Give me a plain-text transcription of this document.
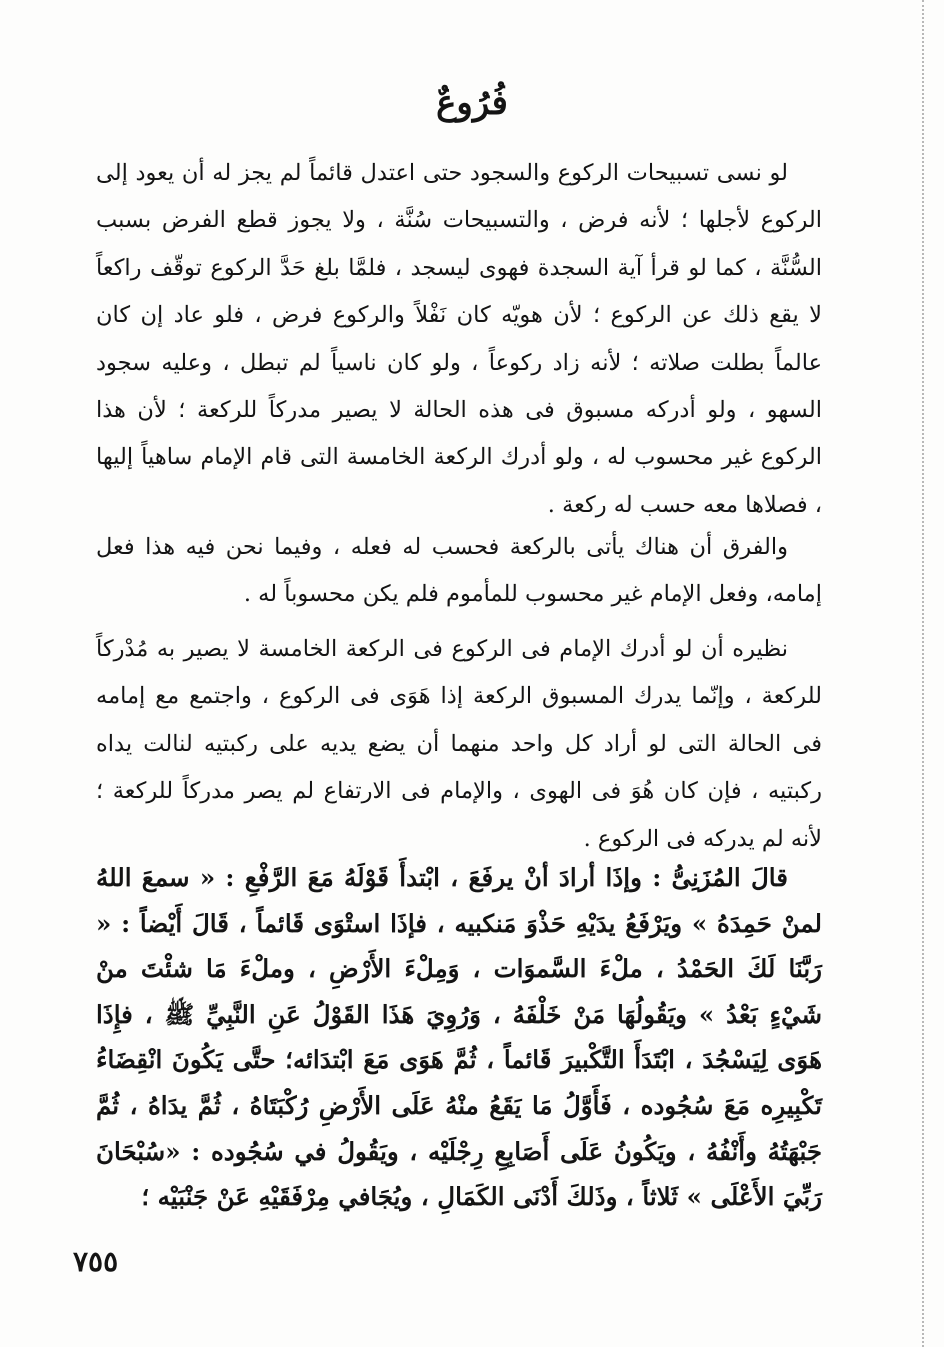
فُرُوعٌ

لو نسى تسبيحات الركوع والسجود حتى اعتدل قائماً لم يجز له أن يعود إلى الركوع لأجلها ؛ لأنه فرض ، والتسبيحات سُنَّة ، ولا يجوز قطع الفرض بسبب السُّنَّة ، كما لو قرأ آية السجدة فهوى ليسجد ، فلمَّا بلغ حَدَّ الركوع توقّف راكعاً لا يقع ذلك عن الركوع ؛ لأن هويّه كان نَفْلاً والركوع فرض ، فلو عاد إن كان عالماً بطلت صلاته ؛ لأنه زاد ركوعاً ، ولو كان ناسياً لم تبطل ، وعليه سجود السهو ، ولو أدركه مسبوق فى هذه الحالة لا يصير مدركاً للركعة ؛ لأن هذا الركوع غير محسوب له ، ولو أدرك الركعة الخامسة التى قام الإمام ساهياً إليها ، فصلاها معه حسب له ركعة .

والفرق أن هناك يأتى بالركعة فحسب له فعله ، وفيما نحن فيه هذا فعل إمامه، وفعل الإمام غير محسوب للمأموم فلم يكن محسوباً له .

نظيره أن لو أدرك الإمام فى الركوع فى الركعة الخامسة لا يصير به مُدْركاً للركعة ، وإنّما يدرك المسبوق الركعة إذا هَوَى فى الركوع ، واجتمع مع إمامه فى الحالة التى لو أراد كل واحد منهما أن يضع يديه على ركبتيه لنالت يداه ركبتيه ، فإن كان هُوَ فى الهوى ، والإمام فى الارتفاع لم يصر مدركاً للركعة ؛ لأنه لم يدركه فى الركوع .

قالَ المُزَنِىُّ : وإذَا أرادَ أنْ يرفَعَ ، ابْتدأَ قَوْلَهُ مَعَ الرَّفْعِ : « سمعَ اللهُ لمنْ حَمِدَهُ » ويَرْفَعُ يدَيْهِ حَذْوَ مَنكبيه ، فإذَا استْوَى قَائماً ، قَالَ أَيْضاً : « رَبَّنَا لَكَ الحَمْدُ ، ملْءَ السَّموَات ، وَمِلْءَ الأَرْضِ ، وملْءَ مَا شئْتَ منْ شَيْءٍ بَعْدُ » ويَقُولُهَا مَنْ خَلْفَهُ ، وَرُوِيَ هَذَا القَوْلُ عَنِ النَّبِيِّ ﷺ ، فإِذَا هَوَى لِيَسْجُدَ ، ابْتَدَأَ التَّكْبيرَ قَائماً ، ثُمَّ هَوَى مَعَ ابْتدَائه؛ حتَّى يَكُونَ انْقِضَاءُ تَكْبِيرِه مَعَ سُجُوده ، فَأَوَّلُ مَا يَقَعُ منْهُ عَلَى الأَرْضِ رُكْبَتَاهُ ، ثُمَّ يدَاهُ ، ثُمَّ جَبْهَتُهُ وأَنْفُهُ ، ويَكُونُ عَلَى أَصَابِعِ رِجْلَيْه ، ويَقُولُ في سُجُوده : «سُبْحَانَ رَبِّيَ الأَعْلَى » ثَلاثاً ، وذَلكَ أَدْنَى الكَمَالِ ، ويُجَافي مِرْفَقَيْهِ عَنْ جَنْبَيْه ؛

٧٥٥
